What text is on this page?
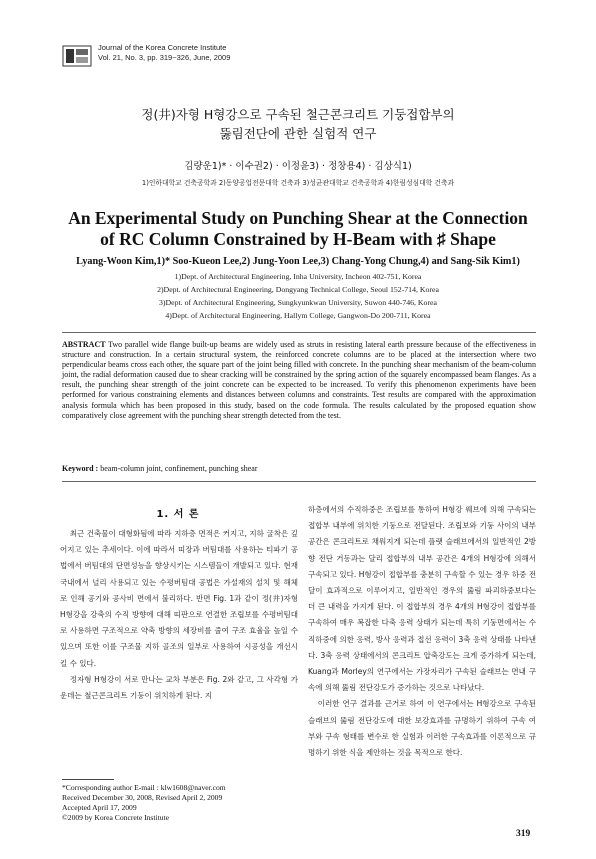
Journal of the Korea Concrete Institute
Vol. 21, No. 3, pp. 319~326, June, 2009
정(井)자형 H형강으로 구속된 철근콘크리트 기둥접합부의
뚫림전단에 관한 실험적 연구
김량운1)* · 이수권2) · 이정윤3) · 정창용4) · 김상식1)
1)인하대학교 건축공학과 2)동양공업전문대학 건축과 3)성균관대학교 건축공학과 4)한림성심대학 건축과
An Experimental Study on Punching Shear at the Connection
of RC Column Constrained by H-Beam with ♯ Shape
Lyang-Woon Kim,1)* Soo-Kueon Lee,2) Jung-Yoon Lee,3) Chang-Yong Chung,4) and Sang-Sik Kim1)
1)Dept. of Architectural Engineering, Inha University, Incheon 402-751, Korea
2)Dept. of Architectural Engineering, Dongyang Technical College, Seoul 152-714, Korea
3)Dept. of Architectural Engineering, Sungkyunkwan University, Suwon 440-746, Korea
4)Dept. of Architectural Engineering, Hallym College, Gangwon-Do 200-711, Korea
ABSTRACT Two parallel wide flange built-up beams are widely used as struts in resisting lateral earth pressure because of the effectiveness in structure and construction. In a certain structural system, the reinforced concrete columns are to be placed at the intersection where two perpendicular beams cross each other, the square part of the joint being filled with concrete. In the punching shear mechanism of the beam-column joint, the radial deformation caused due to shear cracking will be constrained by the spring action of the squarely encompassed beam flanges. As a result, the punching shear strength of the joint concrete can be expected to be increased. To verify this phenomenon experiments have been performed for various constraining elements and distances between columns and constraints. Test results are compared with the approximation analysis formula which has been proposed in this study, based on the code formula. The results calculated by the proposed equation show comparatively close agreement with the punching shear strength detected from the test.
Keyword : beam-column joint, confinement, punching shear
1. 서 론

최근 건축물이 대형화됨에 따라 지하층 면적은 커지고, 지하 굴착은 깊어지고 있는 추세이다. 이에 따라서 띠장과 버팀대를 사용하는 티파기 공법에서 버팀대의 단면성능을 향상시키는 시스템들이 개발되고 있다. 현재 국내에서 널리 사용되고 있는 수평버팀대 공법은 가설재의 설치 및 해체로 인해 공기와 공사비 면에서 불리하다. 반면 Fig. 1과 같이 정(井)자형 H형강을 강축의 수직 방향에 대해 띠판으로 연결한 조립보를 수평버팀대로 사용하면 구조적으로 약축 방향의 세장비를 줄여 구조 효율을 높일 수 있으며 또한 이를 구조물 지하 골조의 일부로 사용하여 시공성을 개선시킬 수 있다.

정자형 H형강이 서로 만나는 교차 부분은 Fig. 2와 같고, 그 사각형 가운데는 철근콘크리트 기둥이 위치하게 된다. 지

하층에서의 수직하중은 조립보를 통하여 H형강 웨브에 의해 구속되는 접합부 내부에 위치한 기둥으로 전달된다. 조립보와 기둥 사이의 내부 공간은 콘크리트로 채워지게 되는데 플랫 슬래브에서의 일반적인 2방향 전단 거동과는 달리 접합부의 내부 공간은 4개의 H형강에 의해서 구속되고 있다. H형강이 접합부를 충분히 구속할 수 있는 경우 하중 전달이 효과적으로 이루어지고, 일반적인 경우의 뚫림 파괴하중보다는 더 큰 내력을 가지게 된다. 이 접합부의 경우 4개의 H형강이 접합부를 구속하여 매우 복잡한 다축 응력 상태가 되는데 특히 기둥면에서는 수직하중에 의한 응력, 방사 응력과 접선 응력이 3축 응력 상태를 나타낸다. 3축 응력 상태에서의 콘크리트 압축강도는 크게 증가하게 되는데, Kuang과 Morley의 연구에서는 가장자리가 구속된 슬래브는 면내 구속에 의해 뚫림 전단강도가 증가하는 것으로 나타났다.

이러한 연구 결과를 근거로 하여 이 연구에서는 H형강으로 구속된 슬래브의 뚫림 전단강도에 대한 보강효과를 규명하기 위하여 구속 여부와 구속 형태를 변수로 한 실험과 이러한 구속효과를 이론적으로 규명하기 위한 식을 제안하는 것을 목적으로 한다.

*Corresponding author E-mail : klw1608@naver.com
Received December 30, 2008, Revised April 2, 2009
Accepted April 17, 2009
©2009 by Korea Concrete Institute
319
